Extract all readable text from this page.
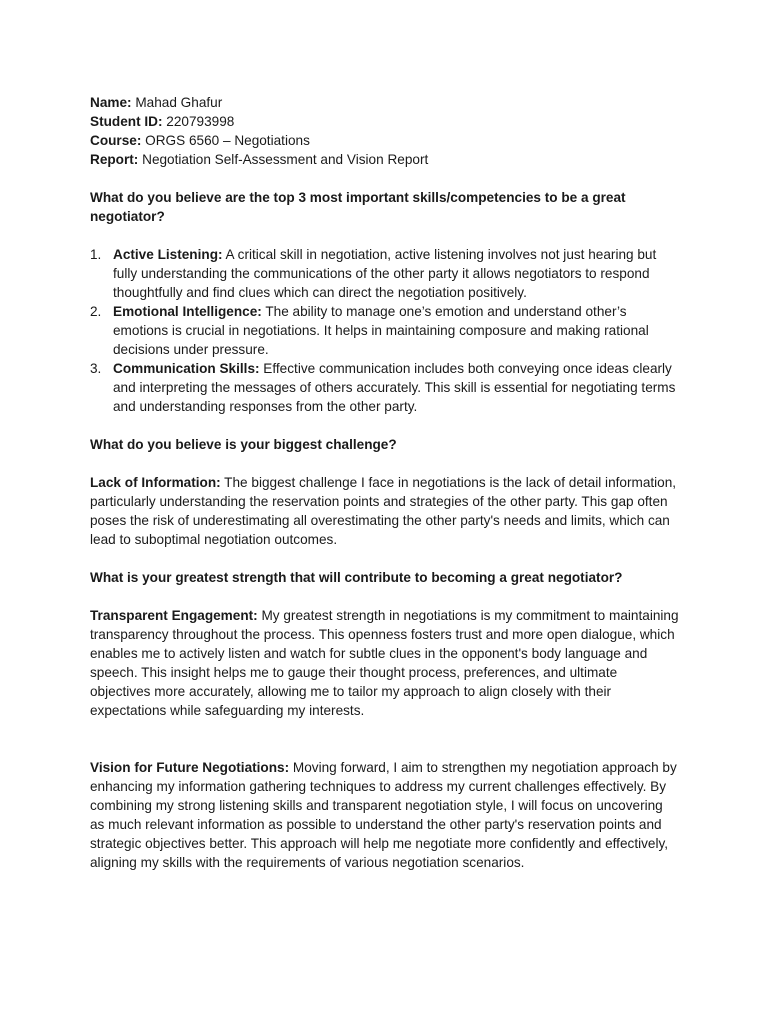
Name: Mahad Ghafur

Student ID: 220793998

Course: ORGS 6560 – Negotiations

Report: Negotiation Self-Assessment and Vision Report

What do you believe are the top 3 most important skills/competencies to be a great negotiator?

1. Active Listening: A critical skill in negotiation, active listening involves not just hearing but fully understanding the communications of the other party it allows negotiators to respond thoughtfully and find clues which can direct the negotiation positively.
2. Emotional Intelligence: The ability to manage one’s emotion and understand other’s emotions is crucial in negotiations. It helps in maintaining composure and making rational decisions under pressure.
3. Communication Skills: Effective communication includes both conveying once ideas clearly and interpreting the messages of others accurately. This skill is essential for negotiating terms and understanding responses from the other party.

What do you believe is your biggest challenge?

Lack of Information: The biggest challenge I face in negotiations is the lack of detail information, particularly understanding the reservation points and strategies of the other party. This gap often poses the risk of underestimating all overestimating the other party's needs and limits, which can lead to suboptimal negotiation outcomes.

What is your greatest strength that will contribute to becoming a great negotiator?

Transparent Engagement: My greatest strength in negotiations is my commitment to maintaining transparency throughout the process. This openness fosters trust and more open dialogue, which enables me to actively listen and watch for subtle clues in the opponent's body language and speech. This insight helps me to gauge their thought process, preferences, and ultimate objectives more accurately, allowing me to tailor my approach to align closely with their expectations while safeguarding my interests.

Vision for Future Negotiations: Moving forward, I aim to strengthen my negotiation approach by enhancing my information gathering techniques to address my current challenges effectively. By combining my strong listening skills and transparent negotiation style, I will focus on uncovering as much relevant information as possible to understand the other party's reservation points and strategic objectives better. This approach will help me negotiate more confidently and effectively, aligning my skills with the requirements of various negotiation scenarios.
